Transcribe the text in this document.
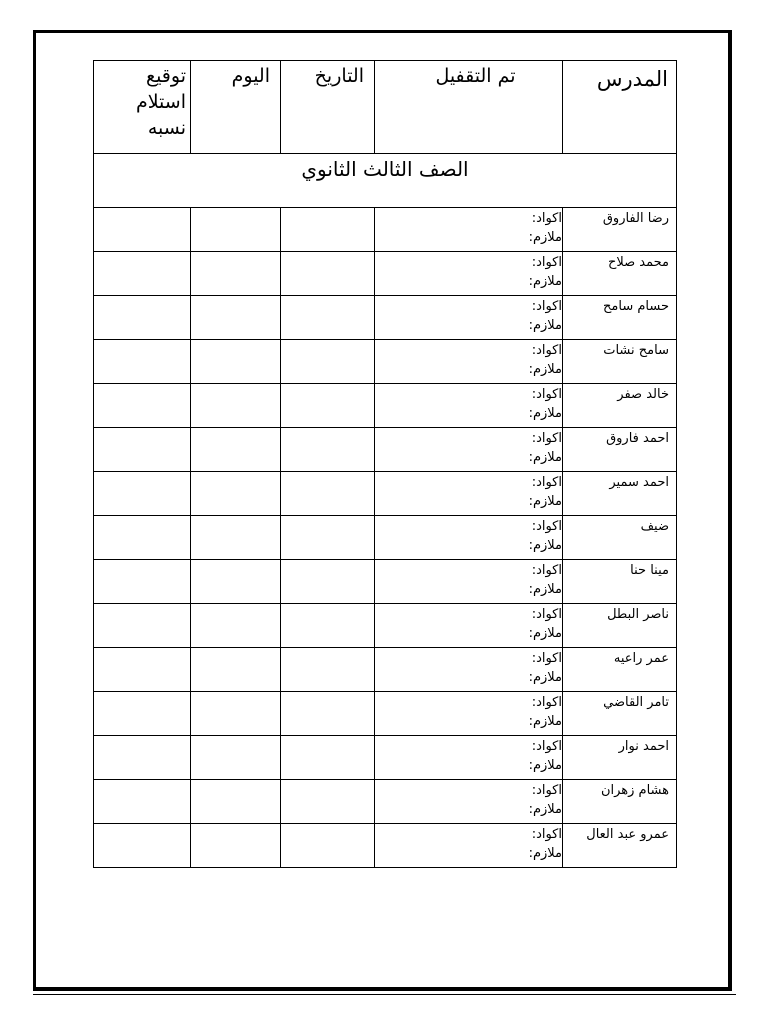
المدرس	تم التقفيل	التاريخ	اليوم	توقيع استلام نسبه

الصف الثالث الثانوي				

رضا الفاروق	اكواد:
ملازم:			

محمد صلاح	اكواد:
ملازم:			

حسام سامح	اكواد:
ملازم:			

سامح نشات	اكواد:
ملازم:			

خالد صفر	اكواد:
ملازم:			

احمد فاروق	اكواد:
ملازم:			

احمد سمير	اكواد:
ملازم:			

ضيف	اكواد:
ملازم:			

مينا حنا	اكواد:
ملازم:			

ناصر البطل	اكواد:
ملازم:			

عمر راعيه	اكواد:
ملازم:			

تامر القاضي	اكواد:
ملازم:			

احمد نوار	اكواد:
ملازم:			

هشام زهران	اكواد:
ملازم:			

عمرو عبد العال	اكواد:
ملازم:			
